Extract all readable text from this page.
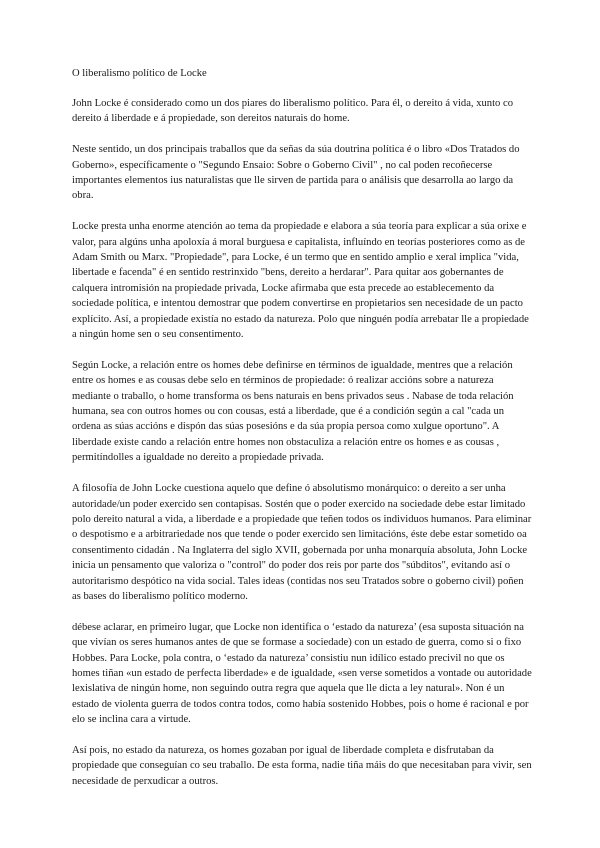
O liberalismo político de Locke

John Locke é considerado como un dos piares do liberalismo político. Para él, o dereito á vida, xunto co dereito á liberdade e á propiedade, son dereitos naturais do home.

Neste sentido, un dos principais traballos que da señas da súa doutrina política é o libro «Dos Tratados do Goberno», específicamente o "Segundo Ensaio: Sobre o Goberno Civil" , no cal poden recoñecerse importantes elementos ius naturalistas que lle sirven de partida para o análisis que desarrolla ao largo da obra.

Locke presta unha enorme atención ao tema da propiedade e elabora a súa teoría para explicar a súa orixe e valor, para algúns unha apoloxía á moral burguesa e capitalista, influíndo en teorías posteriores como as de Adam Smith ou Marx. "Propiedade", para Locke, é un termo que en sentido amplio e xeral implica "vida, libertade e facenda" é en sentido restrinxido "bens, dereito a herdarar". Para quitar aos gobernantes de calquera intromisión na propiedade privada, Locke afirmaba que esta precede ao establecemento da sociedade política, e intentou demostrar que podem convertirse en propietarios sen necesidade de un pacto explícito. Así, a propiedade existía no estado da natureza. Polo que ninguén podía arrebatar lle a propiedade a ningún home sen o seu consentimento.

Según Locke, a relación entre os homes debe definirse en términos de igualdade, mentres que a relación entre os homes e as cousas debe selo en términos de propiedade: ó realizar accións sobre a natureza mediante o traballo, o home transforma os bens naturais en bens privados seus . Nabase de toda relación humana, sea con outros homes ou con cousas, está a liberdade, que é a condición según a cal "cada un ordena as súas accións e dispón das súas posesións e da súa propia persoa como xulgue oportuno". A liberdade existe cando a relación entre homes non obstaculiza a relación entre os homes e as cousas , permitíndolles a igualdade no dereito a propiedade privada.

A filosofía de John Locke cuestiona aquelo que define ó absolutismo monárquico: o dereito a ser unha autoridade/un poder exercido sen contapisas. Sostén que o poder exercido na sociedade debe estar limitado polo dereito natural a vida, a liberdade e a propiedade que teñen todos os individuos humanos. Para eliminar o despotismo e a arbitrariedade nos que tende o poder exercido sen limitacións, éste debe estar sometido oa consentimento cidadán . Na Inglaterra del siglo XVII, gobernada por unha monarquía absoluta, John Locke inicia un pensamento que valoriza o "control" do poder dos reis por parte dos "súbditos", evitando así o autoritarismo despótico na vida social. Tales ideas (contidas nos seu Tratados sobre o goberno civil) poñen as bases do liberalismo político moderno.

débese aclarar, en primeiro lugar, que Locke non identifica o ‘estado da natureza’ (esa suposta situación na que vivían os seres humanos antes de que se formase a sociedade) con un estado de guerra, como si o fixo Hobbes. Para Locke, pola contra, o ‘estado da natureza’ consistiu nun idílico estado precivil no que os homes tiñan «un estado de perfecta liberdade» e de igualdade, «sen verse sometidos a vontade ou autoridade lexislativa de ningún home, non seguindo outra regra que aquela que lle dicta a ley natural». Non é un estado de violenta guerra de todos contra todos, como había sostenido Hobbes, pois o home é racional e por elo se inclina cara a virtude.

Así pois, no estado da natureza, os homes gozaban por igual de liberdade completa e disfrutaban da propiedade que conseguían co seu traballo. De esta forma, nadie tiña máis do que necesitaban para vivir, sen necesidade de perxudicar a outros.
